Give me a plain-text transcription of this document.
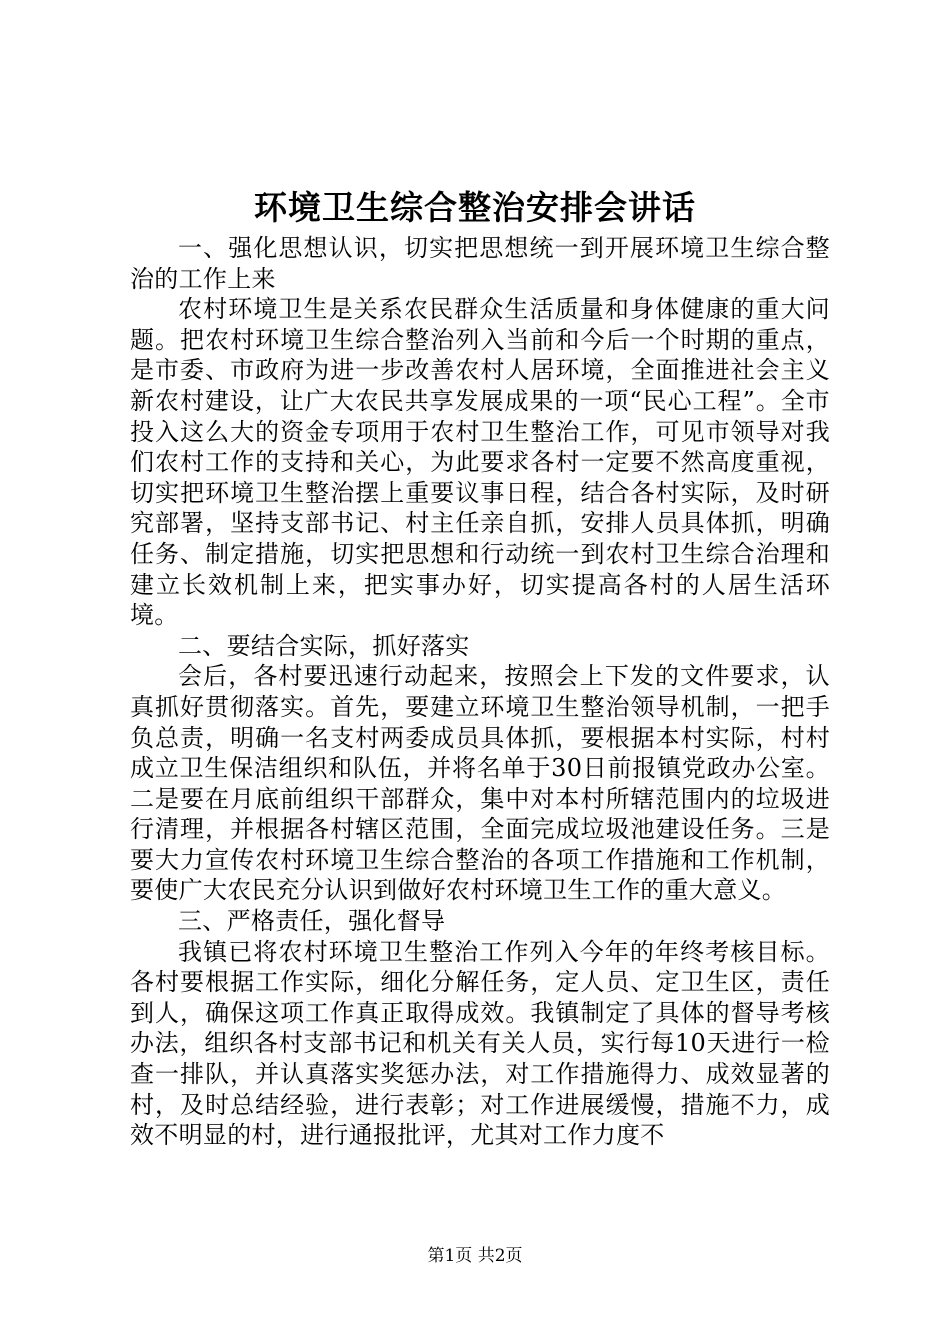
环境卫生综合整治安排会讲话

一、强化思想认识，切实把思想统一到开展环境卫生综合整治的工作上来

农村环境卫生是关系农民群众生活质量和身体健康的重大问题。把农村环境卫生综合整治列入当前和今后一个时期的重点，是市委、市政府为进一步改善农村人居环境，全面推进社会主义新农村建设，让广大农民共享发展成果的一项“民心工程”。全市投入这么大的资金专项用于农村卫生整治工作，可见市领导对我们农村工作的支持和关心，为此要求各村一定要不然高度重视，切实把环境卫生整治摆上重要议事日程，结合各村实际，及时研究部署，坚持支部书记、村主任亲自抓，安排人员具体抓，明确任务、制定措施，切实把思想和行动统一到农村卫生综合治理和建立长效机制上来，把实事办好，切实提高各村的人居生活环境。

二、要结合实际，抓好落实

会后，各村要迅速行动起来，按照会上下发的文件要求，认真抓好贯彻落实。首先，要建立环境卫生整治领导机制，一把手负总责，明确一名支村两委成员具体抓，要根据本村实际，村村成立卫生保洁组织和队伍，并将名单于30日前报镇党政办公室。二是要在月底前组织干部群众，集中对本村所辖范围内的垃圾进行清理，并根据各村辖区范围，全面完成垃圾池建设任务。三是要大力宣传农村环境卫生综合整治的各项工作措施和工作机制，要使广大农民充分认识到做好农村环境卫生工作的重大意义。

三、严格责任，强化督导

我镇已将农村环境卫生整治工作列入今年的年终考核目标。各村要根据工作实际，细化分解任务，定人员、定卫生区，责任到人，确保这项工作真正取得成效。我镇制定了具体的督导考核办法，组织各村支部书记和机关有关人员，实行每10天进行一检查一排队，并认真落实奖惩办法，对工作措施得力、成效显著的村，及时总结经验，进行表彰；对工作进展缓慢，措施不力，成效不明显的村，进行通报批评，尤其对工作力度不

第1页 共2页
